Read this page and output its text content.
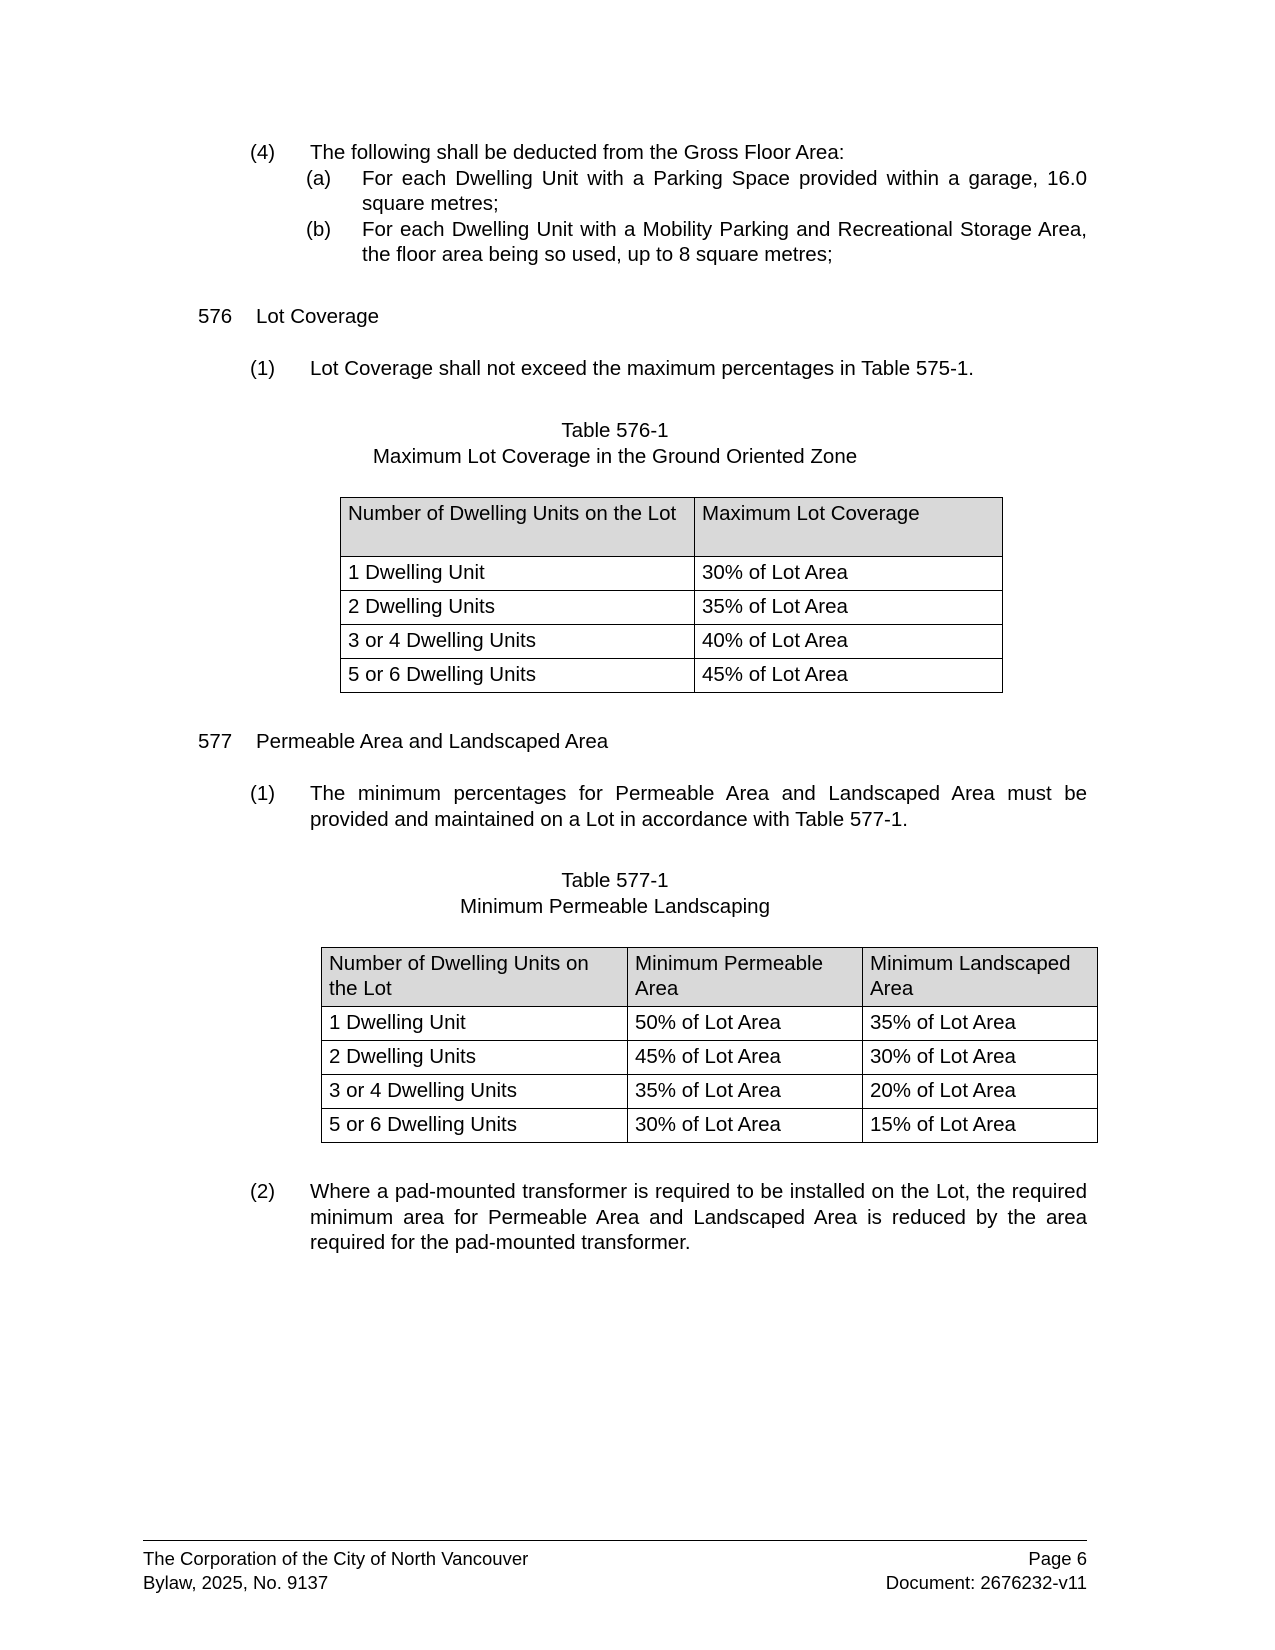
(4)	The following shall be deducted from the Gross Floor Area:
(a)	For each Dwelling Unit with a Parking Space provided within a garage, 16.0 square metres;
(b)	For each Dwelling Unit with a Mobility Parking and Recreational Storage Area, the floor area being so used, up to 8 square metres;
576	Lot Coverage
(1)	Lot Coverage shall not exceed the maximum percentages in Table 575-1.
Table 576-1
Maximum Lot Coverage in the Ground Oriented Zone
Number of Dwelling Units on the Lot	Maximum Lot Coverage
1 Dwelling Unit	30% of Lot Area
2 Dwelling Units	35% of Lot Area
3 or 4 Dwelling Units	40% of Lot Area
5 or 6 Dwelling Units	45% of Lot Area
577	Permeable Area and Landscaped Area
(1)	The minimum percentages for Permeable Area and Landscaped Area must be provided and maintained on a Lot in accordance with Table 577-1.
Table 577-1
Minimum Permeable Landscaping
Number of Dwelling Units on the Lot	Minimum Permeable Area	Minimum Landscaped Area
1 Dwelling Unit	50% of Lot Area	35% of Lot Area
2 Dwelling Units	45% of Lot Area	30% of Lot Area
3 or 4 Dwelling Units	35% of Lot Area	20% of Lot Area
5 or 6 Dwelling Units	30% of Lot Area	15% of Lot Area
(2)	Where a pad-mounted transformer is required to be installed on the Lot, the required minimum area for Permeable Area and Landscaped Area is reduced by the area required for the pad-mounted transformer.
The Corporation of the City of North Vancouver	Page 6
Bylaw, 2025, No. 9137	Document: 2676232-v11
